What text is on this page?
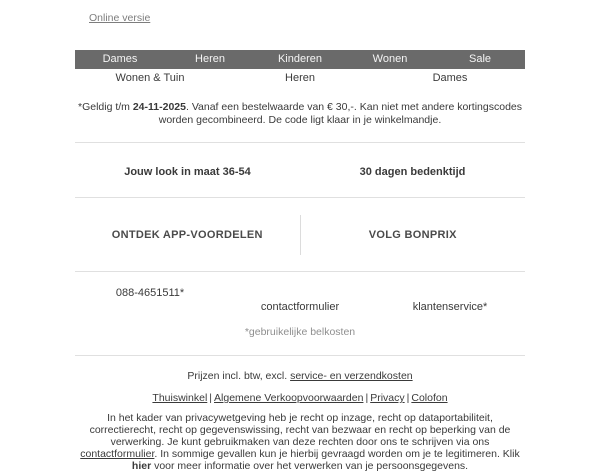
Online versie
Dames	Heren	Kinderen	Wonen	Sale
Wonen & Tuin	Heren	Dames
*Geldig t/m 24-11-2025. Vanaf een bestelwaarde van € 30,-. Kan niet met andere kortingscodes worden gecombineerd. De code ligt klaar in je winkelmandje.
Jouw look in maat 36-54	30 dagen bedenktijd
ONTDEK APP-VOORDELEN	VOLG BONPRIX
088-4651511*
contactformulier	klantenservice*
*gebruikelijke belkosten
Prijzen incl. btw, excl. service- en verzendkosten
Thuiswinkel | Algemene Verkoopvoorwaarden | Privacy | Colofon
In het kader van privacywetgeving heb je recht op inzage, recht op dataportabiliteit, correctierecht, recht op gegevenswissing, recht van bezwaar en recht op beperking van de verwerking. Je kunt gebruikmaken van deze rechten door ons te schrijven via ons contactformulier. In sommige gevallen kun je hierbij gevraagd worden om je te legitimeren. Klik hier voor meer informatie over het verwerken van je persoonsgegevens.
